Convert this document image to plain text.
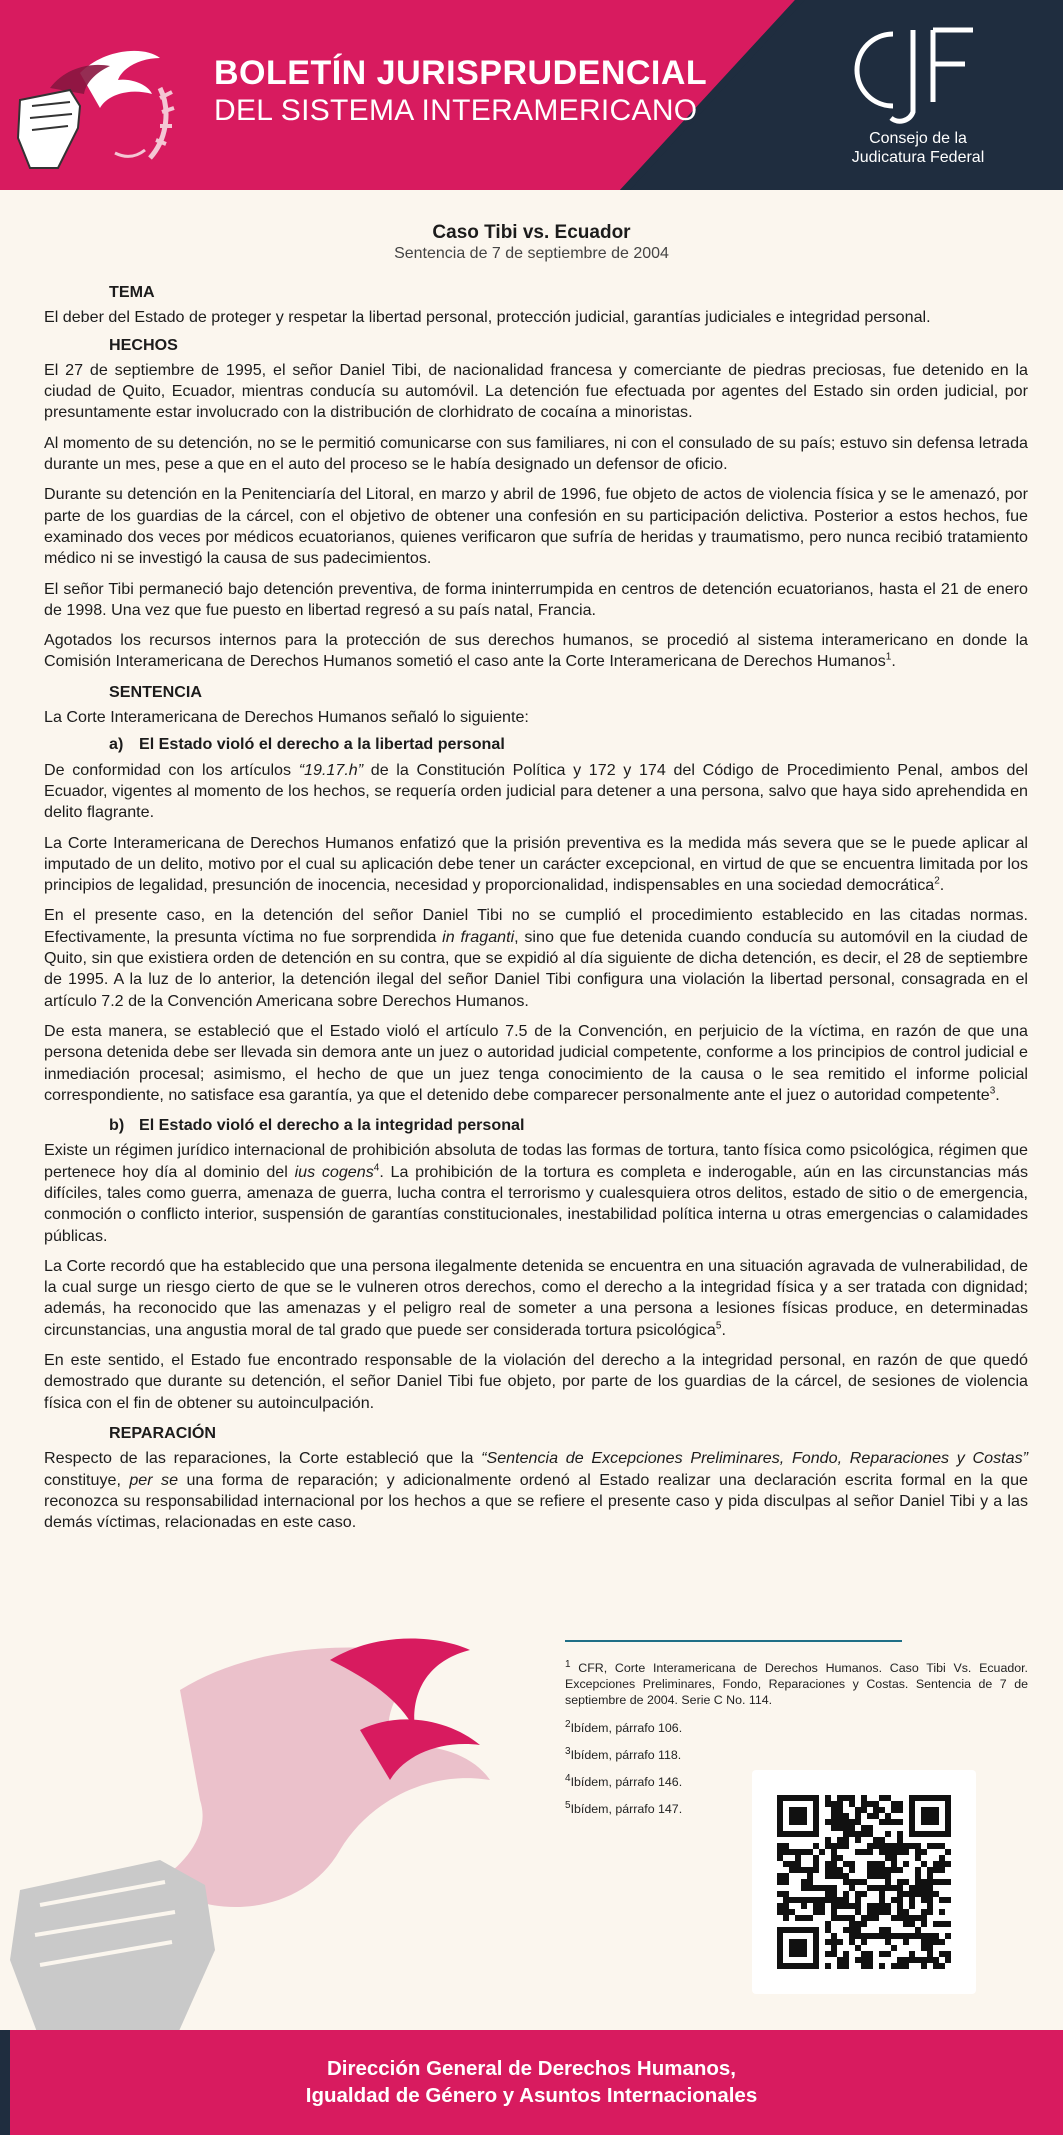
BOLETÍN JURISPRUDENCIAL
DEL SISTEMA INTERAMERICANO
Consejo de la
Judicatura Federal
Caso Tibi vs. Ecuador
Sentencia de 7 de septiembre de 2004
TEMA
El deber del Estado de proteger y respetar la libertad personal, protección judicial, garantías judiciales e integridad personal.
HECHOS
El 27 de septiembre de 1995, el señor Daniel Tibi, de nacionalidad francesa y comerciante de piedras preciosas, fue detenido en la ciudad de Quito, Ecuador, mientras conducía su automóvil. La detención fue efectuada por agentes del Estado sin orden judicial, por presuntamente estar involucrado con la distribución de clorhidrato de cocaína a minoristas.
Al momento de su detención, no se le permitió comunicarse con sus familiares, ni con el consulado de su país; estuvo sin defensa letrada durante un mes, pese a que en el auto del proceso se le había designado un defensor de oficio.
Durante su detención en la Penitenciaría del Litoral, en marzo y abril de 1996, fue objeto de actos de violencia física y se le amenazó, por parte de los guardias de la cárcel, con el objetivo de obtener una confesión en su participación delictiva. Posterior a estos hechos, fue examinado dos veces por médicos ecuatorianos, quienes verificaron que sufría de heridas y traumatismo, pero nunca recibió tratamiento médico ni se investigó la causa de sus padecimientos.
El señor Tibi permaneció bajo detención preventiva, de forma ininterrumpida en centros de detención ecuatorianos, hasta el 21 de enero de 1998. Una vez que fue puesto en libertad regresó a su país natal, Francia.
Agotados los recursos internos para la protección de sus derechos humanos, se procedió al sistema interamericano en donde la Comisión Interamericana de Derechos Humanos sometió el caso ante la Corte Interamericana de Derechos Humanos$^1$.
SENTENCIA
La Corte Interamericana de Derechos Humanos señaló lo siguiente:
a) El Estado violó el derecho a la libertad personal
De conformidad con los artículos “19.17.h” de la Constitución Política y 172 y 174 del Código de Procedimiento Penal, ambos del Ecuador, vigentes al momento de los hechos, se requería orden judicial para detener a una persona, salvo que haya sido aprehendida en delito flagrante.
La Corte Interamericana de Derechos Humanos enfatizó que la prisión preventiva es la medida más severa que se le puede aplicar al imputado de un delito, motivo por el cual su aplicación debe tener un carácter excepcional, en virtud de que se encuentra limitada por los principios de legalidad, presunción de inocencia, necesidad y proporcionalidad, indispensables en una sociedad democrática$^2$.
En el presente caso, en la detención del señor Daniel Tibi no se cumplió el procedimiento establecido en las citadas normas. Efectivamente, la presunta víctima no fue sorprendida in fraganti, sino que fue detenida cuando conducía su automóvil en la ciudad de Quito, sin que existiera orden de detención en su contra, que se expidió al día siguiente de dicha detención, es decir, el 28 de septiembre de 1995. A la luz de lo anterior, la detención ilegal del señor Daniel Tibi configura una violación la libertad personal, consagrada en el artículo 7.2 de la Convención Americana sobre Derechos Humanos.
De esta manera, se estableció que el Estado violó el artículo 7.5 de la Convención, en perjuicio de la víctima, en razón de que una persona detenida debe ser llevada sin demora ante un juez o autoridad judicial competente, conforme a los principios de control judicial e inmediación procesal; asimismo, el hecho de que un juez tenga conocimiento de la causa o le sea remitido el informe policial correspondiente, no satisface esa garantía, ya que el detenido debe comparecer personalmente ante el juez o autoridad competente$^3$.
b) El Estado violó el derecho a la integridad personal
Existe un régimen jurídico internacional de prohibición absoluta de todas las formas de tortura, tanto física como psicológica, régimen que pertenece hoy día al dominio del ius cogens$^4$. La prohibición de la tortura es completa e inderogable, aún en las circunstancias más difíciles, tales como guerra, amenaza de guerra, lucha contra el terrorismo y cualesquiera otros delitos, estado de sitio o de emergencia, conmoción o conflicto interior, suspensión de garantías constitucionales, inestabilidad política interna u otras emergencias o calamidades públicas.
La Corte recordó que ha establecido que una persona ilegalmente detenida se encuentra en una situación agravada de vulnerabilidad, de la cual surge un riesgo cierto de que se le vulneren otros derechos, como el derecho a la integridad física y a ser tratada con dignidad; además, ha reconocido que las amenazas y el peligro real de someter a una persona a lesiones físicas produce, en determinadas circunstancias, una angustia moral de tal grado que puede ser considerada tortura psicológica$^5$.
En este sentido, el Estado fue encontrado responsable de la violación del derecho a la integridad personal, en razón de que quedó demostrado que durante su detención, el señor Daniel Tibi fue objeto, por parte de los guardias de la cárcel, de sesiones de violencia física con el fin de obtener su autoinculpación.
REPARACIÓN
Respecto de las reparaciones, la Corte estableció que la “Sentencia de Excepciones Preliminares, Fondo, Reparaciones y Costas” constituye, per se una forma de reparación; y adicionalmente ordenó al Estado realizar una declaración escrita formal en la que reconozca su responsabilidad internacional por los hechos a que se refiere el presente caso y pida disculpas al señor Daniel Tibi y a las demás víctimas, relacionadas en este caso.
$^1$ CFR, Corte Interamericana de Derechos Humanos. Caso Tibi Vs. Ecuador. Excepciones Preliminares, Fondo, Reparaciones y Costas. Sentencia de 7 de septiembre de 2004. Serie C No. 114.
$^2$Ibídem, párrafo 106.
$^3$Ibídem, párrafo 118.
$^4$Ibídem, párrafo 146.
$^5$Ibídem, párrafo 147.
Dirección General de Derechos Humanos,
Igualdad de Género y Asuntos Internacionales
